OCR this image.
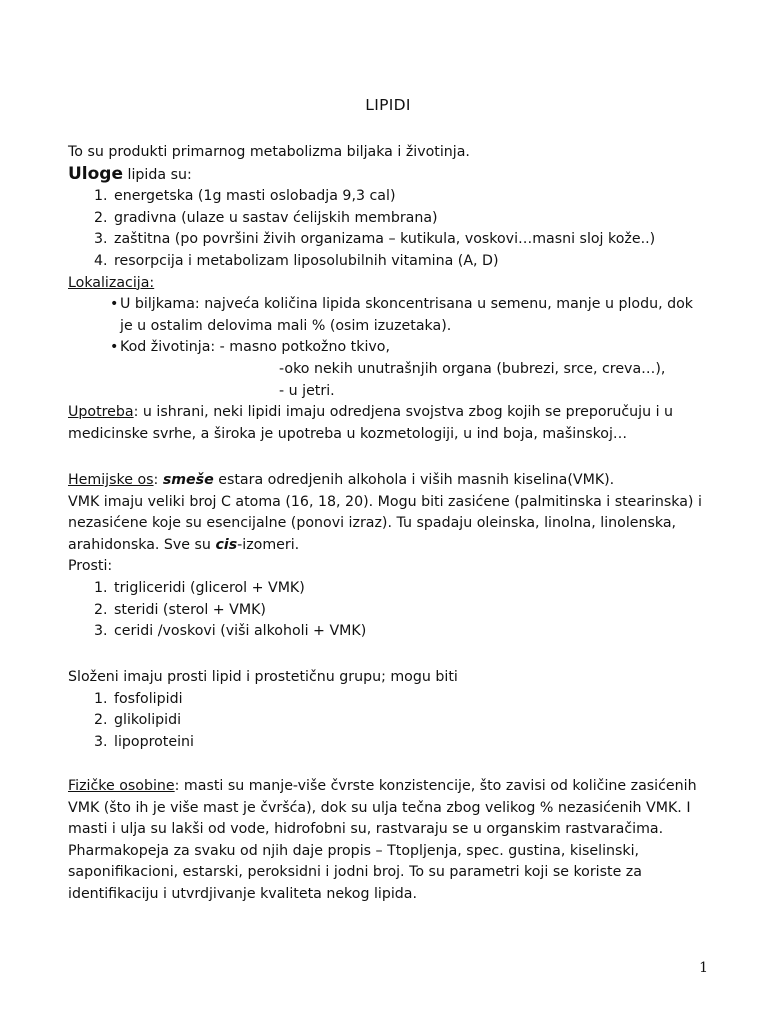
LIPIDI

To su produkti primarnog metabolizma biljaka i životinja.

Uloge lipida su:

1. energetska (1g masti oslobadja 9,3 cal)
2. gradivna (ulaze u sastav ćelijskih membrana)
3. zaštitna (po površini živih organizama – kutikula, voskovi…masni sloj kože..)
4. resorpcija i metabolizam liposolubilnih vitamina (A, D)

Lokalizacija:

• U biljkama: najveća količina lipida skoncentrisana u semenu, manje u plodu, dok je u ostalim delovima mali % (osim izuzetaka).
• Kod životinja: - masno potkožno tkivo,
-oko nekih unutrašnjih organa (bubrezi, srce, creva…),
- u jetri.

Upotreba: u ishrani, neki lipidi imaju odredjena svojstva zbog kojih se preporučuju i u medicinske svrhe, a široka je upotreba u kozmetologiji, u ind boja, mašinskoj…

Hemijske os: smeše estara odredjenih alkohola i viših masnih kiselina(VMK).

VMK imaju veliki broj C atoma (16, 18, 20). Mogu biti zasićene (palmitinska i stearinska) i nezasićene koje su esencijalne (ponovi izraz). Tu spadaju oleinska, linolna, linolenska, arahidonska. Sve su cis-izomeri.

Prosti:

1. trigliceridi (glicerol + VMK)
2. steridi (sterol + VMK)
3. ceridi /voskovi (viši alkoholi + VMK)

Složeni imaju prosti lipid i prostetičnu grupu; mogu biti

1. fosfolipidi
2. glikolipidi
3. lipoproteini

Fizičke osobine: masti su manje-više čvrste konzistencije, što zavisi od količine zasićenih VMK (što ih je više mast je čvršća), dok su ulja tečna zbog velikog % nezasićenih VMK. I masti i ulja su lakši od vode, hidrofobni su, rastvaraju se u organskim rastvaračima. Pharmakopeja za svaku od njih daje propis – Ttopljenja, spec. gustina, kiselinski, saponifikacioni, estarski, peroksidni i jodni broj. To su parametri koji se koriste za identifikaciju i utvrdjivanje kvaliteta nekog lipida.

1
